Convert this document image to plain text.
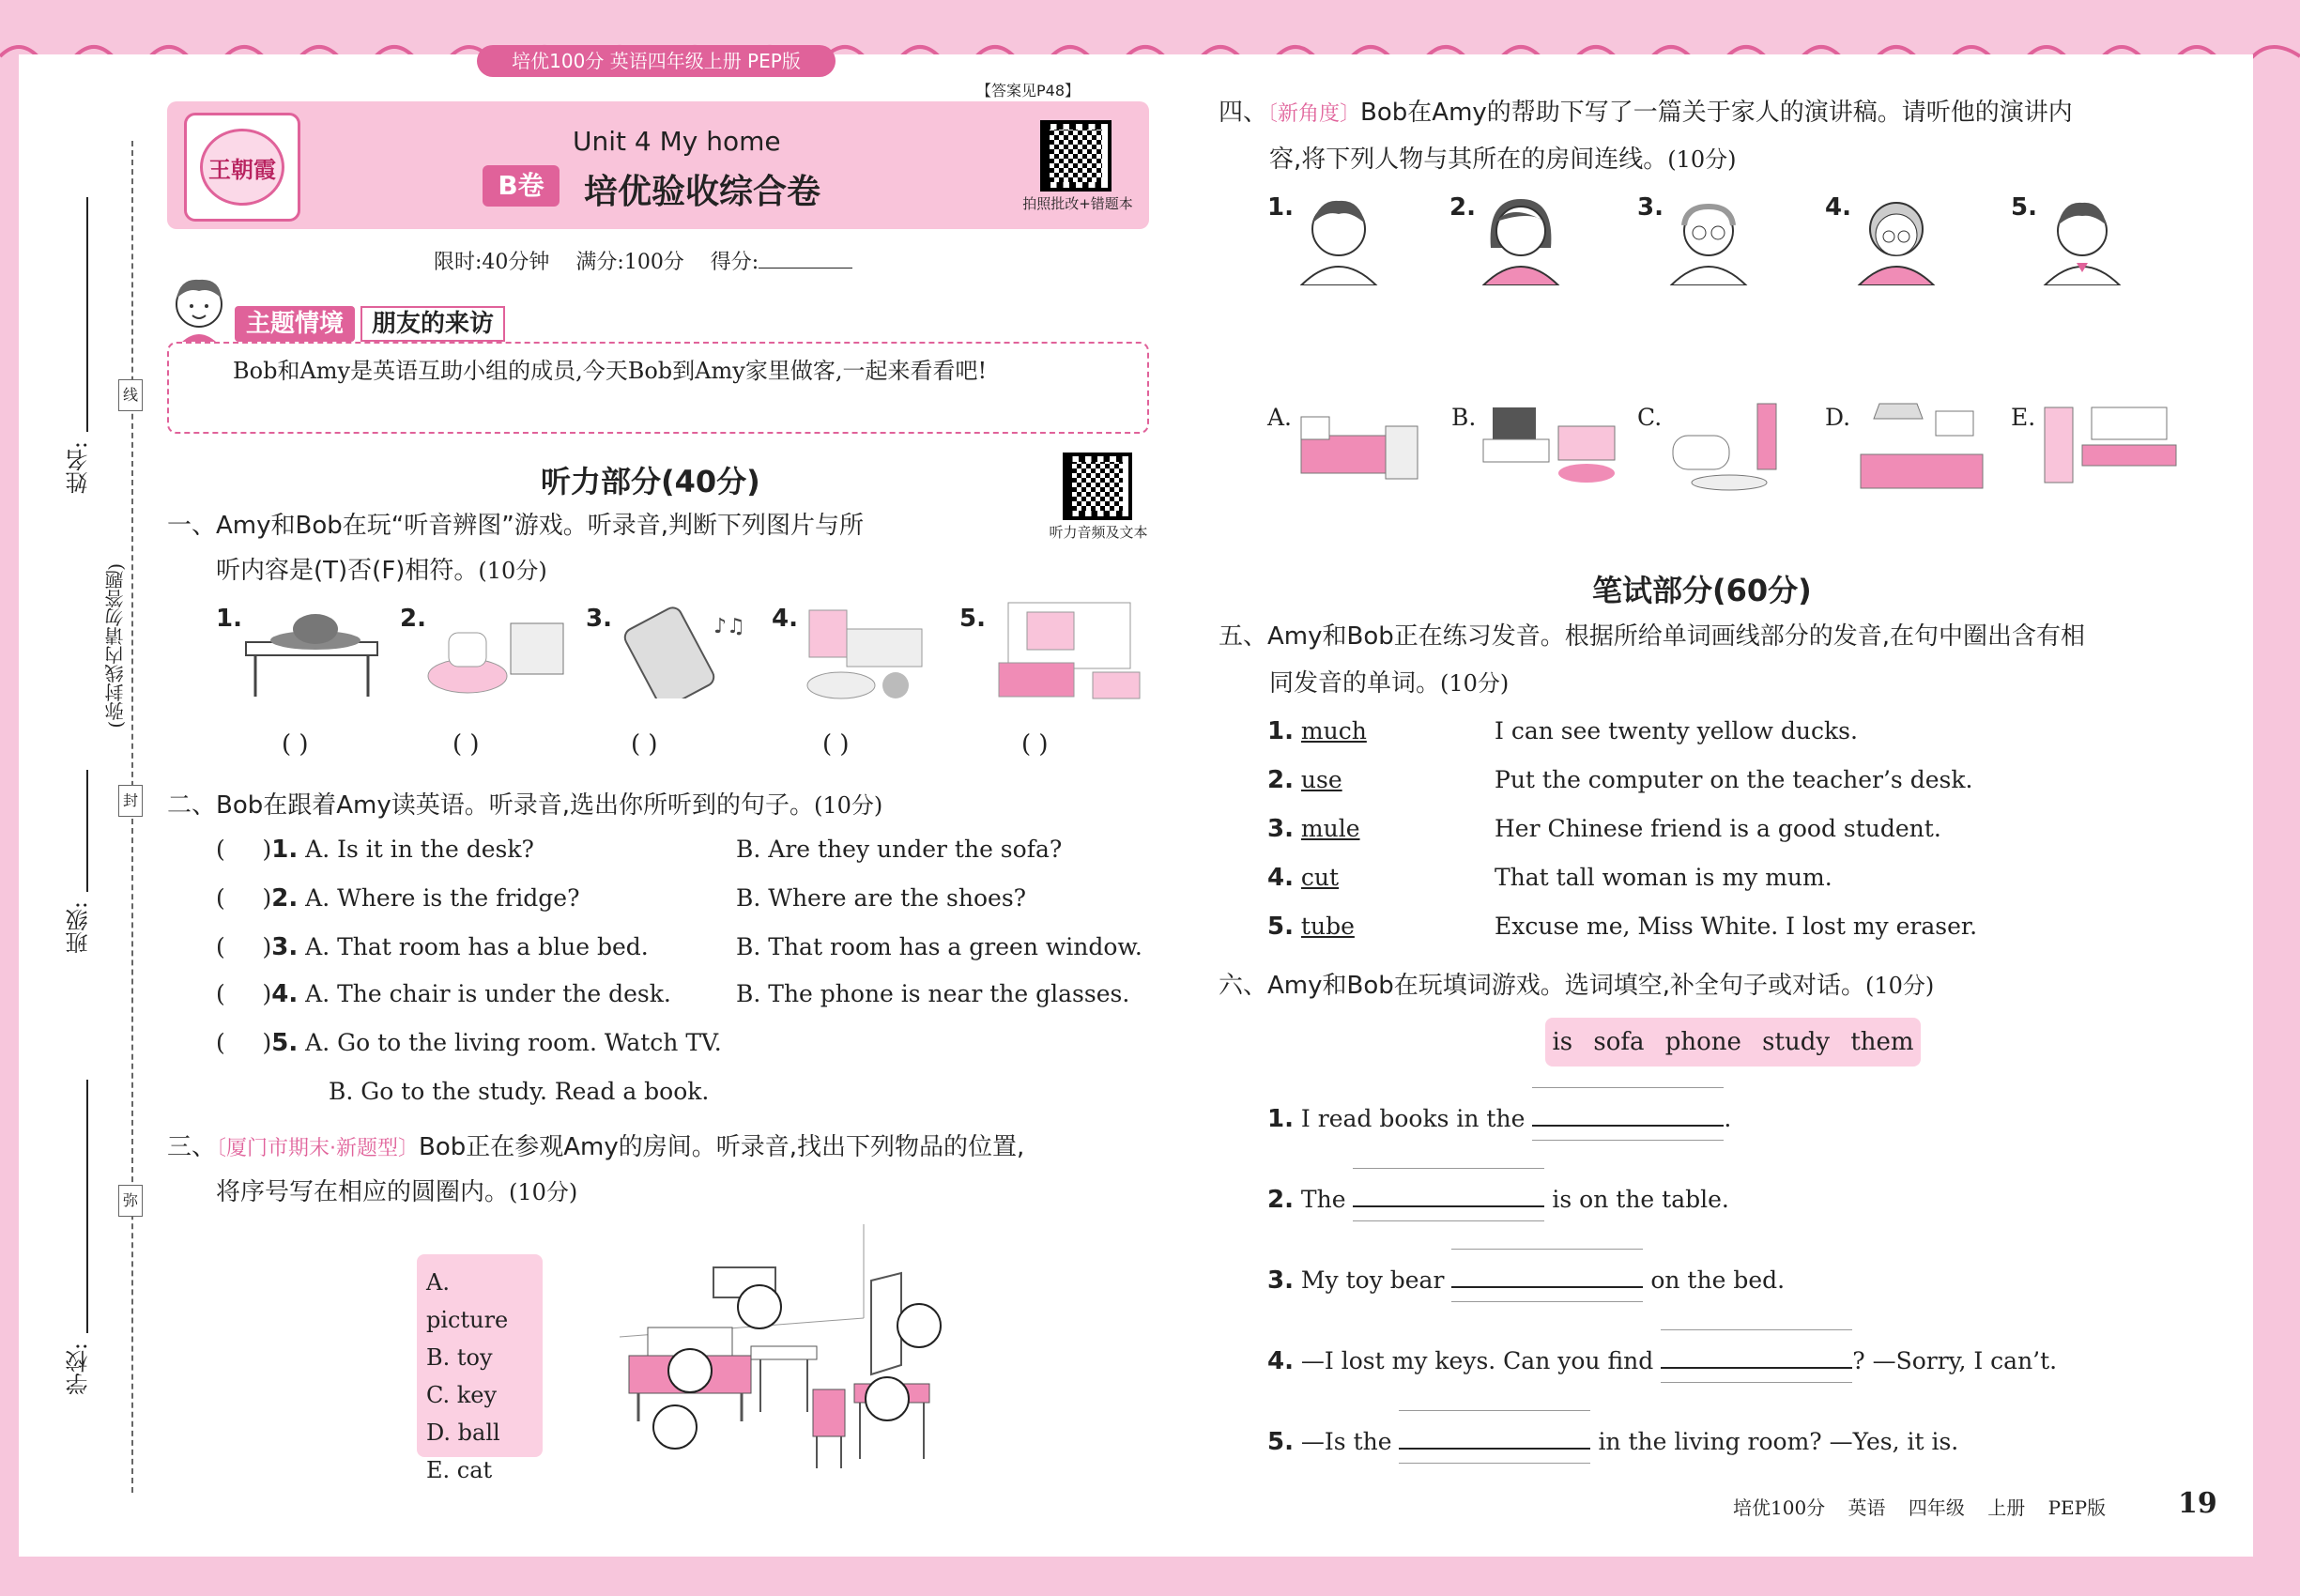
培优100分 英语四年级上册 PEP版
【答案见P48】
王朝霞
Unit 4 My home
B卷	培优验收综合卷	拍照批改+错题本
限时:40分钟 满分:100分 得分:
姓名:
班级:
学校:
(弥封线内请勿答题)
线
封
弥
主题情境	朋友的来访
Bob和Amy是英语互助小组的成员,今天Bob到Amy家里做客,一起来看看吧!
听力部分(40分)
听力音频及文本
一、Amy和Bob在玩“听音辨图”游戏。听录音,判断下列图片与所
听内容是(T)否(F)相符。(10分)
1.	2.	3.	♪♫ 4.	5.
( )	( )	( )	( )	( )
二、Bob在跟着Amy读英语。听录音,选出你所听到的句子。(10分)
(     )1. A. Is it in the desk?	B. Are they under the sofa?
(     )2. A. Where is the fridge?	B. Where are the shoes?
(     )3. A. That room has a blue bed.	B. That room has a green window.
(     )4. A. The chair is under the desk.	B. The phone is near the glasses.
(     )5. A. Go to the living room. Watch TV.
B. Go to the study. Read a book.
三、〔厦门市期末·新题型〕Bob正在参观Amy的房间。听录音,找出下列物品的位置,
将序号写在相应的圆圈内。(10分)
A. picture
B. toy
C. key
D. ball
E. cat
四、〔新角度〕Bob在Amy的帮助下写了一篇关于家人的演讲稿。请听他的演讲内
容,将下列人物与其所在的房间连线。(10分)
1.	2.	3.	4.	5.
A.	B.	C.	D.	E.
笔试部分(60分)
五、Amy和Bob正在练习发音。根据所给单词画线部分的发音,在句中圈出含有相
同发音的单词。(10分)
1. much	I can see twenty yellow ducks.
2. use	Put the computer on the teacher’s desk.
3. mule	Her Chinese friend is a good student.
4. cut	That tall woman is my mum.
5. tube	Excuse me, Miss White. I lost my eraser.
六、Amy和Bob在玩填词游戏。选词填空,补全句子或对话。(10分)
is sofa phone study them
1. I read books in the	.
2. The	is on the table.
3. My toy bear	on the bed.
4. —I lost my keys. Can you find	? —Sorry, I can’t.
5. —Is the	in the living room? —Yes, it is.
培优100分 英语 四年级 上册 PEP版	19
